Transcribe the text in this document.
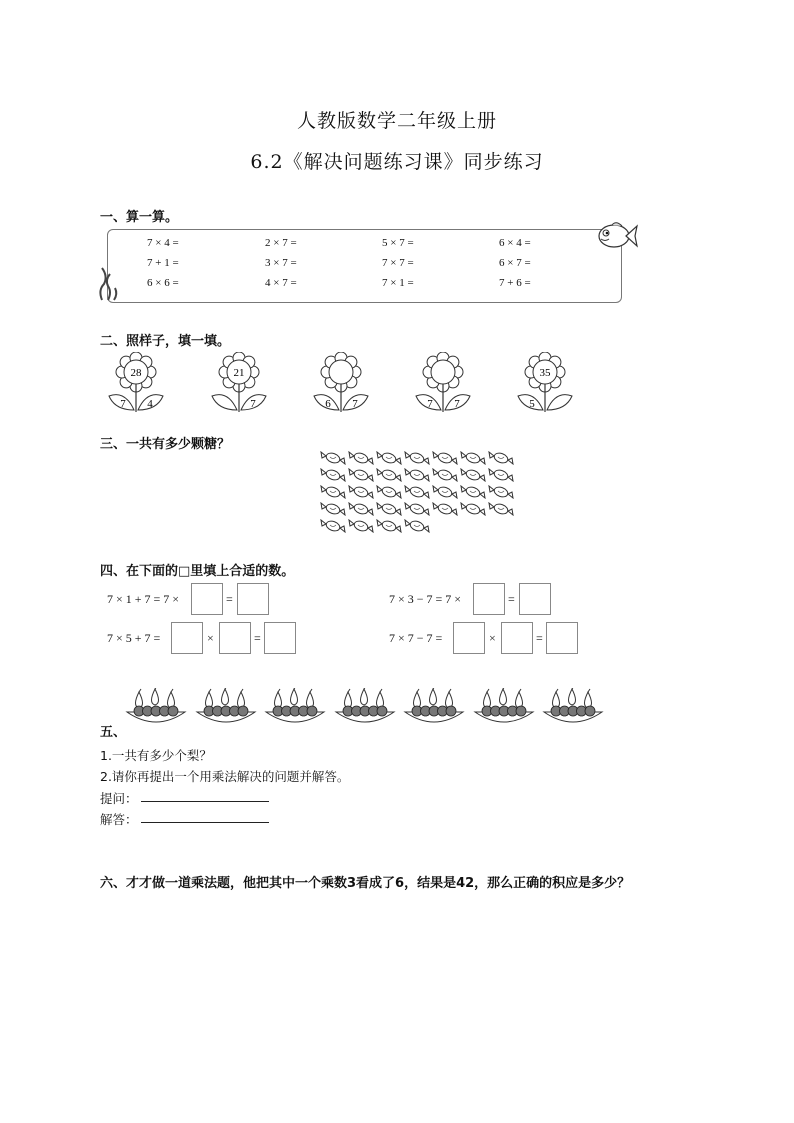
人教版数学二年级上册
6.2《解决问题练习课》同步练习
一、算一算。
7 × 4 =	2 × 7 =	5 × 7 =	6 × 4 =
7 + 1 =	3 × 7 =	7 × 7 =	6 × 7 =
6 × 6 =	4 × 7 =	7 × 1 =	7 + 6 =
二、照样子，填一填。
28
7 4
21
7	6 7	7 7
35
5
三、一共有多少颗糖？
四、在下面的□里填上合适的数。
7 × 1 + 7 = 7 ×	=	7 × 3 − 7 = 7 ×	=
7 × 5 + 7 =	×	=	7 × 7 − 7 =	×	=
五、
1.一共有多少个梨？
2.请你再提出一个用乘法解决的问题并解答。
提问：
解答：
六、才才做一道乘法题，他把其中一个乘数3看成了6，结果是42，那么正确的积应是多少？
